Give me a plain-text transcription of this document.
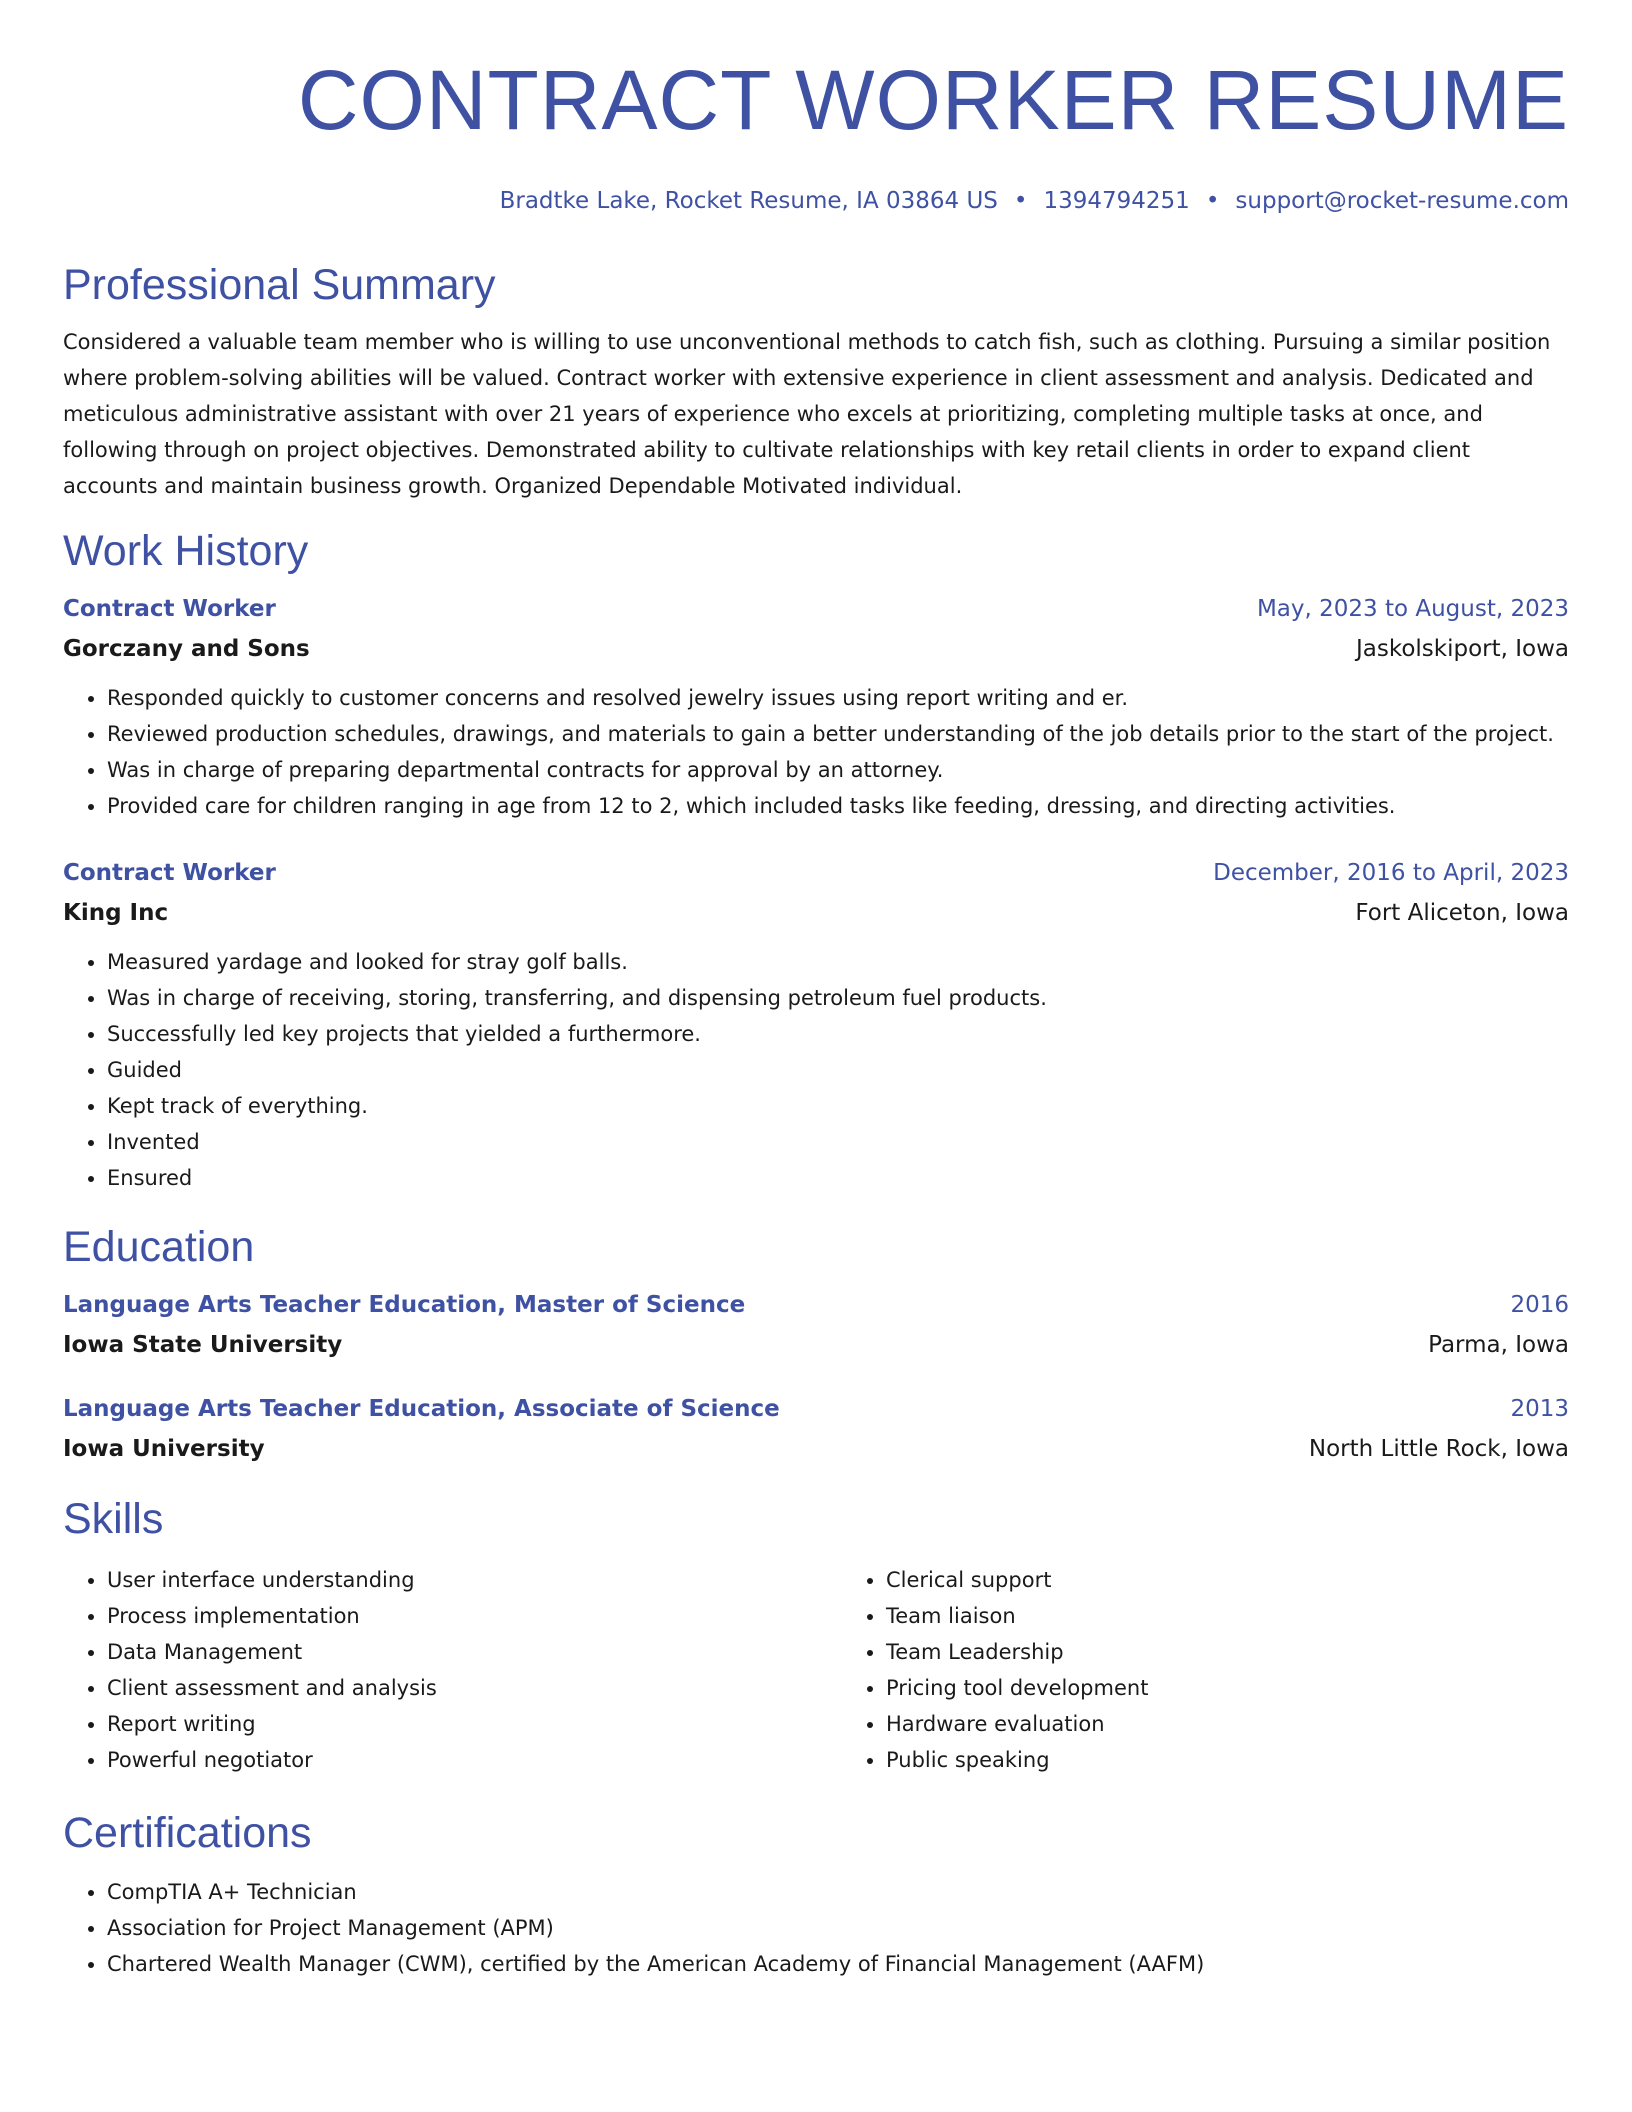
CONTRACT WORKER RESUME
Bradtke Lake, Rocket Resume, IA 03864 US • 1394794251 • support@rocket-resume.com
Professional Summary

Considered a valuable team member who is willing to use unconventional methods to catch fish, such as clothing. Pursuing a similar position where problem-solving abilities will be valued. Contract worker with extensive experience in client assessment and analysis. Dedicated and meticulous administrative assistant with over 21 years of experience who excels at prioritizing, completing multiple tasks at once, and following through on project objectives. Demonstrated ability to cultivate relationships with key retail clients in order to expand client accounts and maintain business growth. Organized Dependable Motivated individual.

Work History
Contract Worker	May, 2023 to August, 2023
Gorczany and Sons	Jaskolskiport, Iowa
• Responded quickly to customer concerns and resolved jewelry issues using report writing and er.
• Reviewed production schedules, drawings, and materials to gain a better understanding of the job details prior to the start of the project.
• Was in charge of preparing departmental contracts for approval by an attorney.
• Provided care for children ranging in age from 12 to 2, which included tasks like feeding, dressing, and directing activities.
Contract Worker	December, 2016 to April, 2023
King Inc	Fort Aliceton, Iowa
• Measured yardage and looked for stray golf balls.
• Was in charge of receiving, storing, transferring, and dispensing petroleum fuel products.
• Successfully led key projects that yielded a furthermore.
• Guided
• Kept track of everything.
• Invented
• Ensured
Education
Language Arts Teacher Education, Master of Science	2016
Iowa State University	Parma, Iowa
Language Arts Teacher Education, Associate of Science	2013
Iowa University	North Little Rock, Iowa
Skills
• User interface understanding
• Process implementation
• Data Management
• Client assessment and analysis
• Report writing
• Powerful negotiator
• Clerical support
• Team liaison
• Team Leadership
• Pricing tool development
• Hardware evaluation
• Public speaking
Certifications
• CompTIA A+ Technician
• Association for Project Management (APM)
• Chartered Wealth Manager (CWM), certified by the American Academy of Financial Management (AAFM)
